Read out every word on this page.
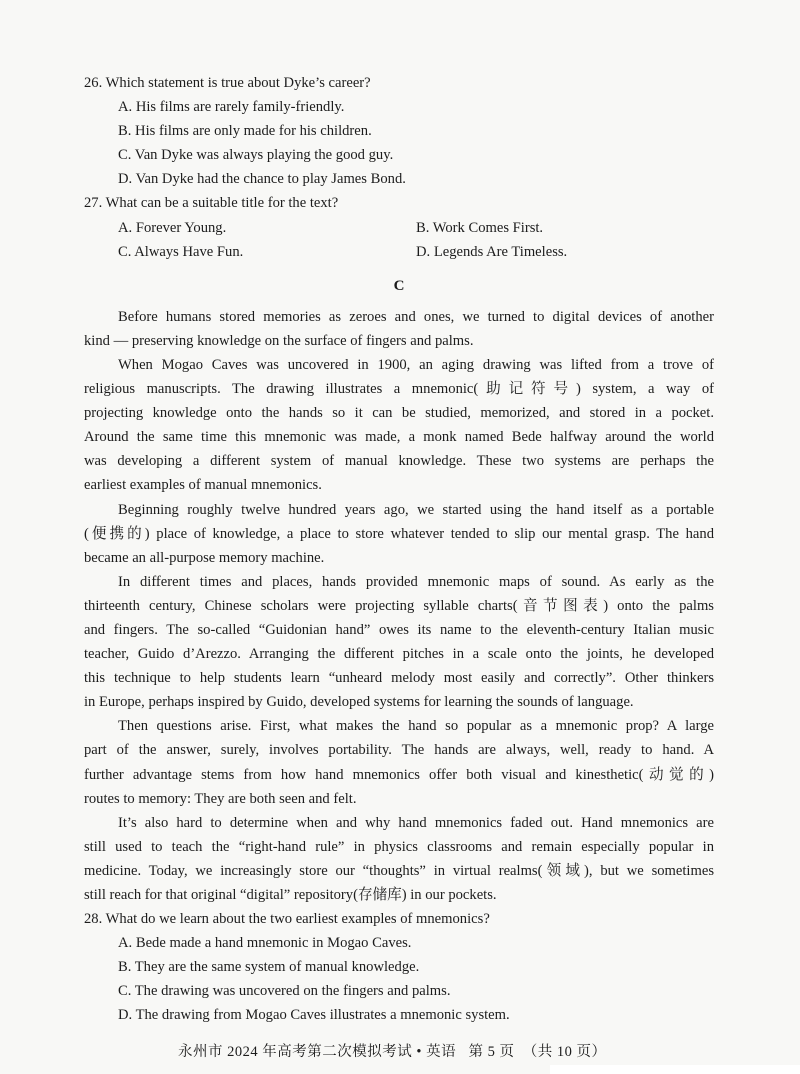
26. Which statement is true about Dyke’s career?
A. His films are rarely family-friendly.
B. His films are only made for his children.
C. Van Dyke was always playing the good guy.
D. Van Dyke had the chance to play James Bond.
27. What can be a suitable title for the text?
A. Forever Young.	B. Work Comes First.
C. Always Have Fun.	D. Legends Are Timeless.
C
Before humans stored memories as zeroes and ones, we turned to digital devices of another
kind — preserving knowledge on the surface of fingers and palms.
When Mogao Caves was uncovered in 1900, an aging drawing was lifted from a trove of
religious manuscripts. The drawing illustrates a mnemonic(助记符号) system, a way of
projecting knowledge onto the hands so it can be studied, memorized, and stored in a pocket.
Around the same time this mnemonic was made, a monk named Bede halfway around the world
was developing a different system of manual knowledge. These two systems are perhaps the
earliest examples of manual mnemonics.
Beginning roughly twelve hundred years ago, we started using the hand itself as a portable
(便携的) place of knowledge, a place to store whatever tended to slip our mental grasp. The hand
became an all-purpose memory machine.
In different times and places, hands provided mnemonic maps of sound. As early as the
thirteenth century, Chinese scholars were projecting syllable charts(音节图表) onto the palms
and fingers. The so-called “Guidonian hand” owes its name to the eleventh-century Italian music
teacher, Guido d’Arezzo. Arranging the different pitches in a scale onto the joints, he developed
this technique to help students learn “unheard melody most easily and correctly”. Other thinkers
in Europe, perhaps inspired by Guido, developed systems for learning the sounds of language.
Then questions arise. First, what makes the hand so popular as a mnemonic prop? A large
part of the answer, surely, involves portability. The hands are always, well, ready to hand. A
further advantage stems from how hand mnemonics offer both visual and kinesthetic(动觉的)
routes to memory: They are both seen and felt.
It’s also hard to determine when and why hand mnemonics faded out. Hand mnemonics are
still used to teach the “right-hand rule” in physics classrooms and remain especially popular in
medicine. Today, we increasingly store our “thoughts” in virtual realms(领域), but we sometimes
still reach for that original “digital” repository(存储库) in our pockets.
28. What do we learn about the two earliest examples of mnemonics?
A. Bede made a hand mnemonic in Mogao Caves.
B. They are the same system of manual knowledge.
C. The drawing was uncovered on the fingers and palms.
D. The drawing from Mogao Caves illustrates a mnemonic system.
永州市 2024 年高考第二次模拟考试 • 英语   第 5 页  （共 10 页）
